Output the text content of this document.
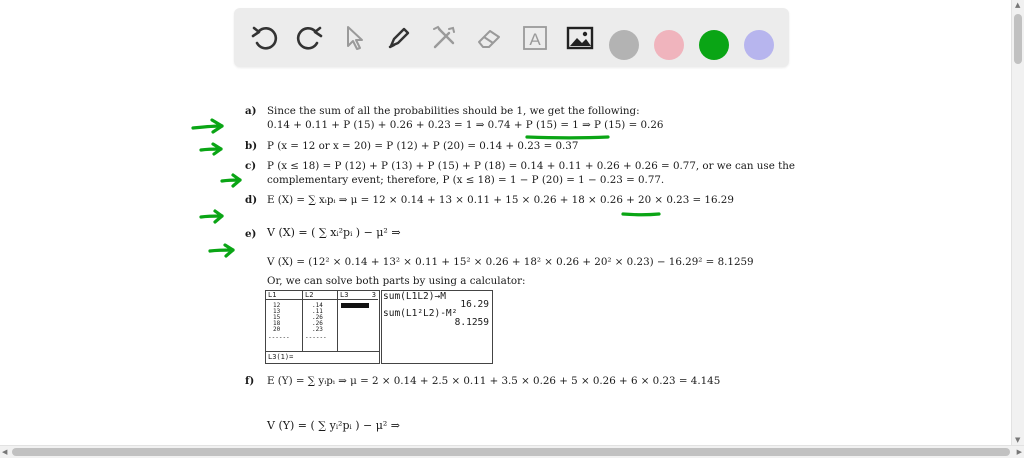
A
a) Since the sum of all the probabilities should be 1, we get the following:
0.14 + 0.11 + P (15) + 0.26 + 0.23 = 1 ⇒ 0.74 + P (15) = 1 ⇒ P (15) = 0.26
b) P (x = 12 or x = 20) = P (12) + P (20) = 0.14 + 0.23 = 0.37
c) P (x ≤ 18) = P (12) + P (13) + P (15) + P (18) = 0.14 + 0.11 + 0.26 + 0.26 = 0.77, or we can use the
complementary event; therefore, P (x ≤ 18) = 1 − P (20) = 1 − 0.23 = 0.77.
d) E (X) = ∑ xᵢpᵢ ⇒ μ = 12 × 0.14 + 13 × 0.11 + 15 × 0.26 + 18 × 0.26 + 20 × 0.23 = 16.29
e) V (X) = ( ∑ xᵢ²pᵢ ) − μ² ⇒
V (X) = (12² × 0.14 + 13² × 0.11 + 15² × 0.26 + 18² × 0.26 + 20² × 0.23) − 16.29² = 8.1259
Or, we can solve both parts by using a calculator:
f) E (Y) = ∑ yᵢpᵢ ⇒ μ = 2 × 0.14 + 2.5 × 0.11 + 3.5 × 0.26 + 5 × 0.26 + 6 × 0.23 = 4.145
V (Y) = ( ∑ yᵢ²pᵢ ) − μ² ⇒
L1
12
13
15
18
20
------
L2
.14
.11
.26
.26
.23
------
L3	3
L3(1)=
sum(L1L2)→M
16.29
sum(L1²L2)-M²
8.1259
▲
▼
◀	▶
